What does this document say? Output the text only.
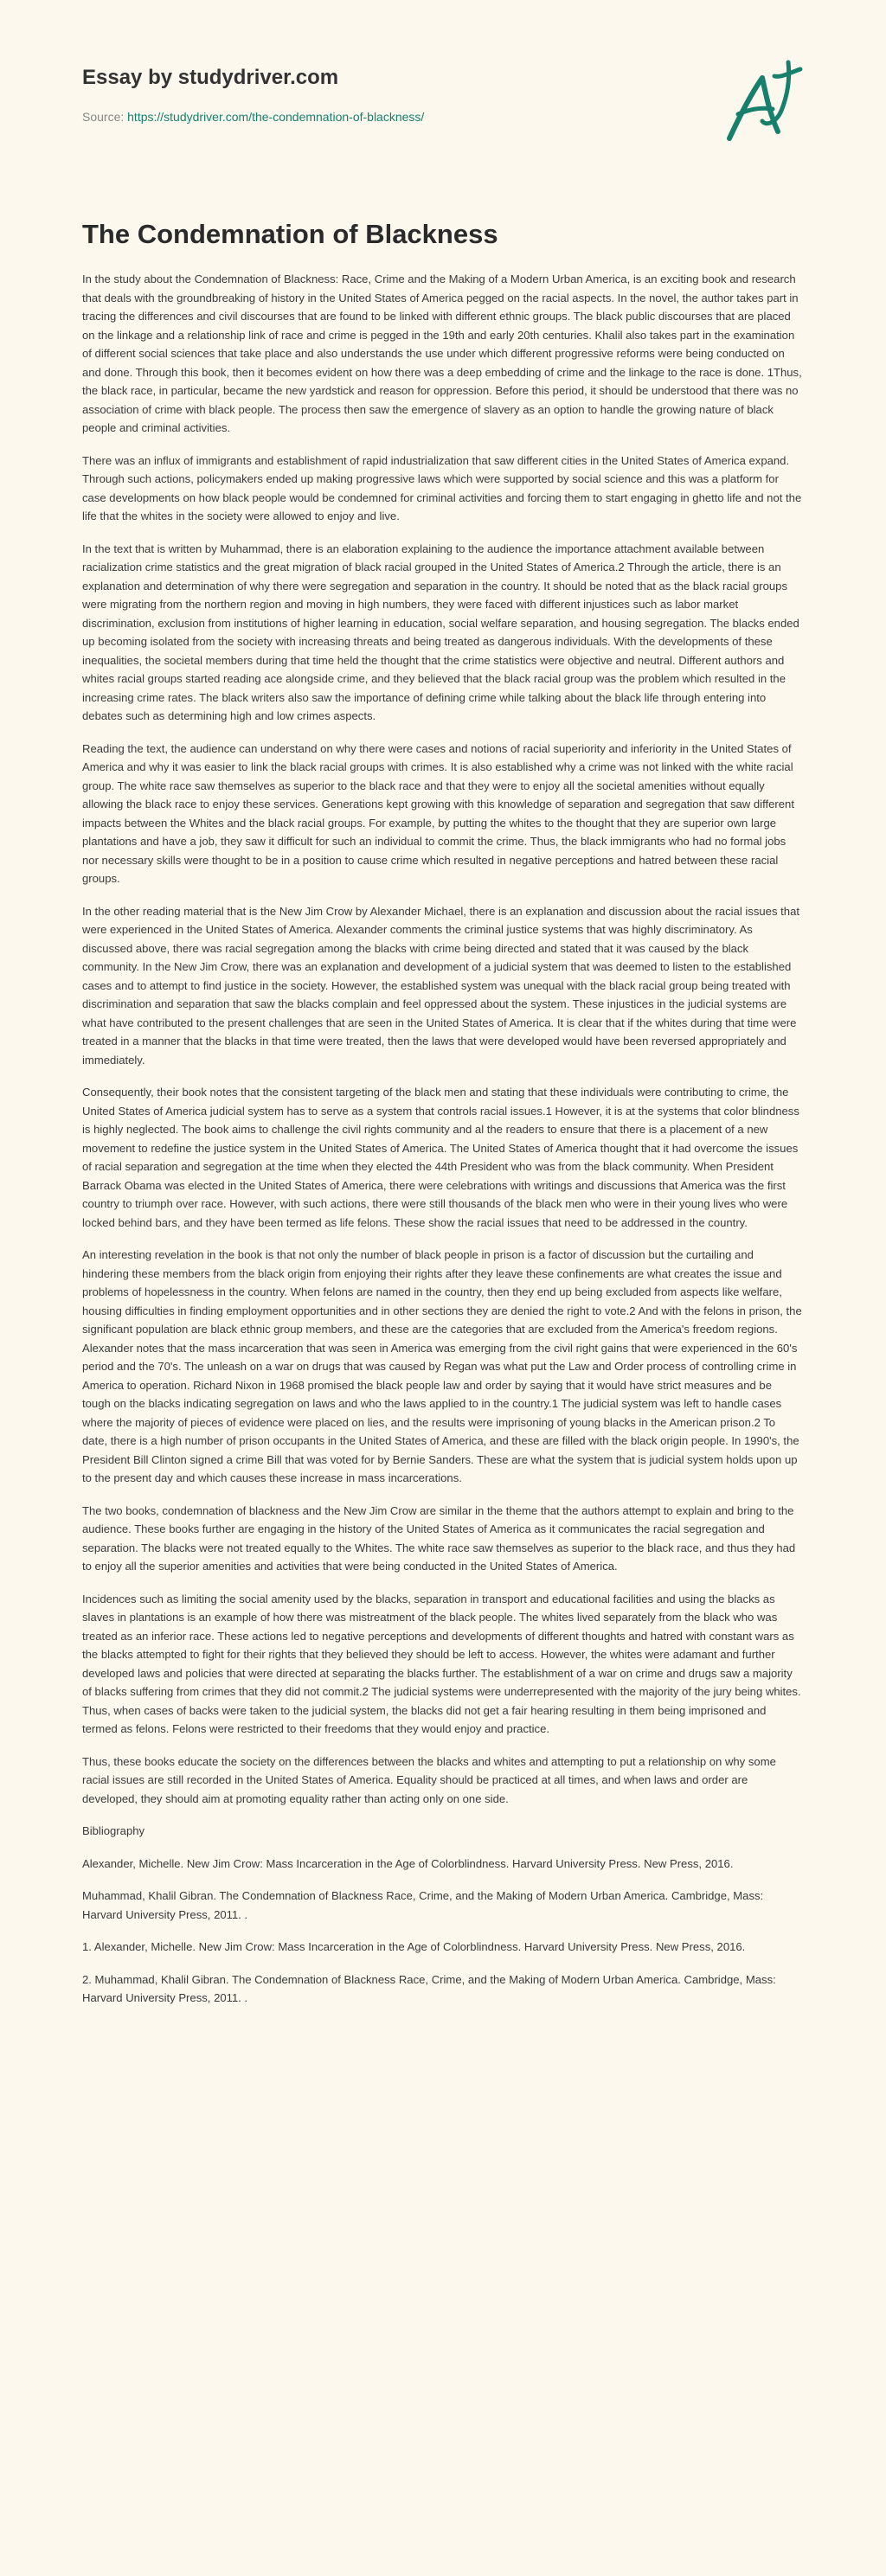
Essay by studydriver.com
Source: https://studydriver.com/the-condemnation-of-blackness/
The Condemnation of Blackness

In the study about the Condemnation of Blackness: Race, Crime and the Making of a Modern Urban America, is an exciting book and research that deals with the groundbreaking of history in the United States of America pegged on the racial aspects. In the novel, the author takes part in tracing the differences and civil discourses that are found to be linked with different ethnic groups. The black public discourses that are placed on the linkage and a relationship link of race and crime is pegged in the 19th and early 20th centuries. Khalil also takes part in the examination of different social sciences that take place and also understands the use under which different progressive reforms were being conducted on and done. Through this book, then it becomes evident on how there was a deep embedding of crime and the linkage to the race is done. 1Thus, the black race, in particular, became the new yardstick and reason for oppression. Before this period, it should be understood that there was no association of crime with black people. The process then saw the emergence of slavery as an option to handle the growing nature of black people and criminal activities.

There was an influx of immigrants and establishment of rapid industrialization that saw different cities in the United States of America expand. Through such actions, policymakers ended up making progressive laws which were supported by social science and this was a platform for case developments on how black people would be condemned for criminal activities and forcing them to start engaging in ghetto life and not the life that the whites in the society were allowed to enjoy and live.

In the text that is written by Muhammad, there is an elaboration explaining to the audience the importance attachment available between racialization crime statistics and the great migration of black racial grouped in the United States of America.2 Through the article, there is an explanation and determination of why there were segregation and separation in the country. It should be noted that as the black racial groups were migrating from the northern region and moving in high numbers, they were faced with different injustices such as labor market discrimination, exclusion from institutions of higher learning in education, social welfare separation, and housing segregation. The blacks ended up becoming isolated from the society with increasing threats and being treated as dangerous individuals. With the developments of these inequalities, the societal members during that time held the thought that the crime statistics were objective and neutral. Different authors and whites racial groups started reading ace alongside crime, and they believed that the black racial group was the problem which resulted in the increasing crime rates. The black writers also saw the importance of defining crime while talking about the black life through entering into debates such as determining high and low crimes aspects.

Reading the text, the audience can understand on why there were cases and notions of racial superiority and inferiority in the United States of America and why it was easier to link the black racial groups with crimes. It is also established why a crime was not linked with the white racial group. The white race saw themselves as superior to the black race and that they were to enjoy all the societal amenities without equally allowing the black race to enjoy these services. Generations kept growing with this knowledge of separation and segregation that saw different impacts between the Whites and the black racial groups. For example, by putting the whites to the thought that they are superior own large plantations and have a job, they saw it difficult for such an individual to commit the crime. Thus, the black immigrants who had no formal jobs nor necessary skills were thought to be in a position to cause crime which resulted in negative perceptions and hatred between these racial groups.

In the other reading material that is the New Jim Crow by Alexander Michael, there is an explanation and discussion about the racial issues that were experienced in the United States of America. Alexander comments the criminal justice systems that was highly discriminatory. As discussed above, there was racial segregation among the blacks with crime being directed and stated that it was caused by the black community. In the New Jim Crow, there was an explanation and development of a judicial system that was deemed to listen to the established cases and to attempt to find justice in the society. However, the established system was unequal with the black racial group being treated with discrimination and separation that saw the blacks complain and feel oppressed about the system. These injustices in the judicial systems are what have contributed to the present challenges that are seen in the United States of America. It is clear that if the whites during that time were treated in a manner that the blacks in that time were treated, then the laws that were developed would have been reversed appropriately and immediately.

Consequently, their book notes that the consistent targeting of the black men and stating that these individuals were contributing to crime, the United States of America judicial system has to serve as a system that controls racial issues.1 However, it is at the systems that color blindness is highly neglected. The book aims to challenge the civil rights community and al the readers to ensure that there is a placement of a new movement to redefine the justice system in the United States of America. The United States of America thought that it had overcome the issues of racial separation and segregation at the time when they elected the 44th President who was from the black community. When President Barrack Obama was elected in the United States of America, there were celebrations with writings and discussions that America was the first country to triumph over race. However, with such actions, there were still thousands of the black men who were in their young lives who were locked behind bars, and they have been termed as life felons. These show the racial issues that need to be addressed in the country.

An interesting revelation in the book is that not only the number of black people in prison is a factor of discussion but the curtailing and hindering these members from the black origin from enjoying their rights after they leave these confinements are what creates the issue and problems of hopelessness in the country. When felons are named in the country, then they end up being excluded from aspects like welfare, housing difficulties in finding employment opportunities and in other sections they are denied the right to vote.2 And with the felons in prison, the significant population are black ethnic group members, and these are the categories that are excluded from the America's freedom regions. Alexander notes that the mass incarceration that was seen in America was emerging from the civil right gains that were experienced in the 60's period and the 70's. The unleash on a war on drugs that was caused by Regan was what put the Law and Order process of controlling crime in America to operation. Richard Nixon in 1968 promised the black people law and order by saying that it would have strict measures and be tough on the blacks indicating segregation on laws and who the laws applied to in the country.1 The judicial system was left to handle cases where the majority of pieces of evidence were placed on lies, and the results were imprisoning of young blacks in the American prison.2 To date, there is a high number of prison occupants in the United States of America, and these are filled with the black origin people. In 1990's, the President Bill Clinton signed a crime Bill that was voted for by Bernie Sanders. These are what the system that is judicial system holds upon up to the present day and which causes these increase in mass incarcerations.

The two books, condemnation of blackness and the New Jim Crow are similar in the theme that the authors attempt to explain and bring to the audience. These books further are engaging in the history of the United States of America as it communicates the racial segregation and separation. The blacks were not treated equally to the Whites. The white race saw themselves as superior to the black race, and thus they had to enjoy all the superior amenities and activities that were being conducted in the United States of America.

Incidences such as limiting the social amenity used by the blacks, separation in transport and educational facilities and using the blacks as slaves in plantations is an example of how there was mistreatment of the black people. The whites lived separately from the black who was treated as an inferior race. These actions led to negative perceptions and developments of different thoughts and hatred with constant wars as the blacks attempted to fight for their rights that they believed they should be left to access. However, the whites were adamant and further developed laws and policies that were directed at separating the blacks further. The establishment of a war on crime and drugs saw a majority of blacks suffering from crimes that they did not commit.2 The judicial systems were underrepresented with the majority of the jury being whites. Thus, when cases of backs were taken to the judicial system, the blacks did not get a fair hearing resulting in them being imprisoned and termed as felons. Felons were restricted to their freedoms that they would enjoy and practice.

Thus, these books educate the society on the differences between the blacks and whites and attempting to put a relationship on why some racial issues are still recorded in the United States of America. Equality should be practiced at all times, and when laws and order are developed, they should aim at promoting equality rather than acting only on one side.

Bibliography

Alexander, Michelle. New Jim Crow: Mass Incarceration in the Age of Colorblindness. Harvard University Press. New Press, 2016.

Muhammad, Khalil Gibran. The Condemnation of Blackness Race, Crime, and the Making of Modern Urban America. Cambridge, Mass: Harvard University Press, 2011. .

1. Alexander, Michelle. New Jim Crow: Mass Incarceration in the Age of Colorblindness. Harvard University Press. New Press, 2016.

2. Muhammad, Khalil Gibran. The Condemnation of Blackness Race, Crime, and the Making of Modern Urban America. Cambridge, Mass: Harvard University Press, 2011. .
